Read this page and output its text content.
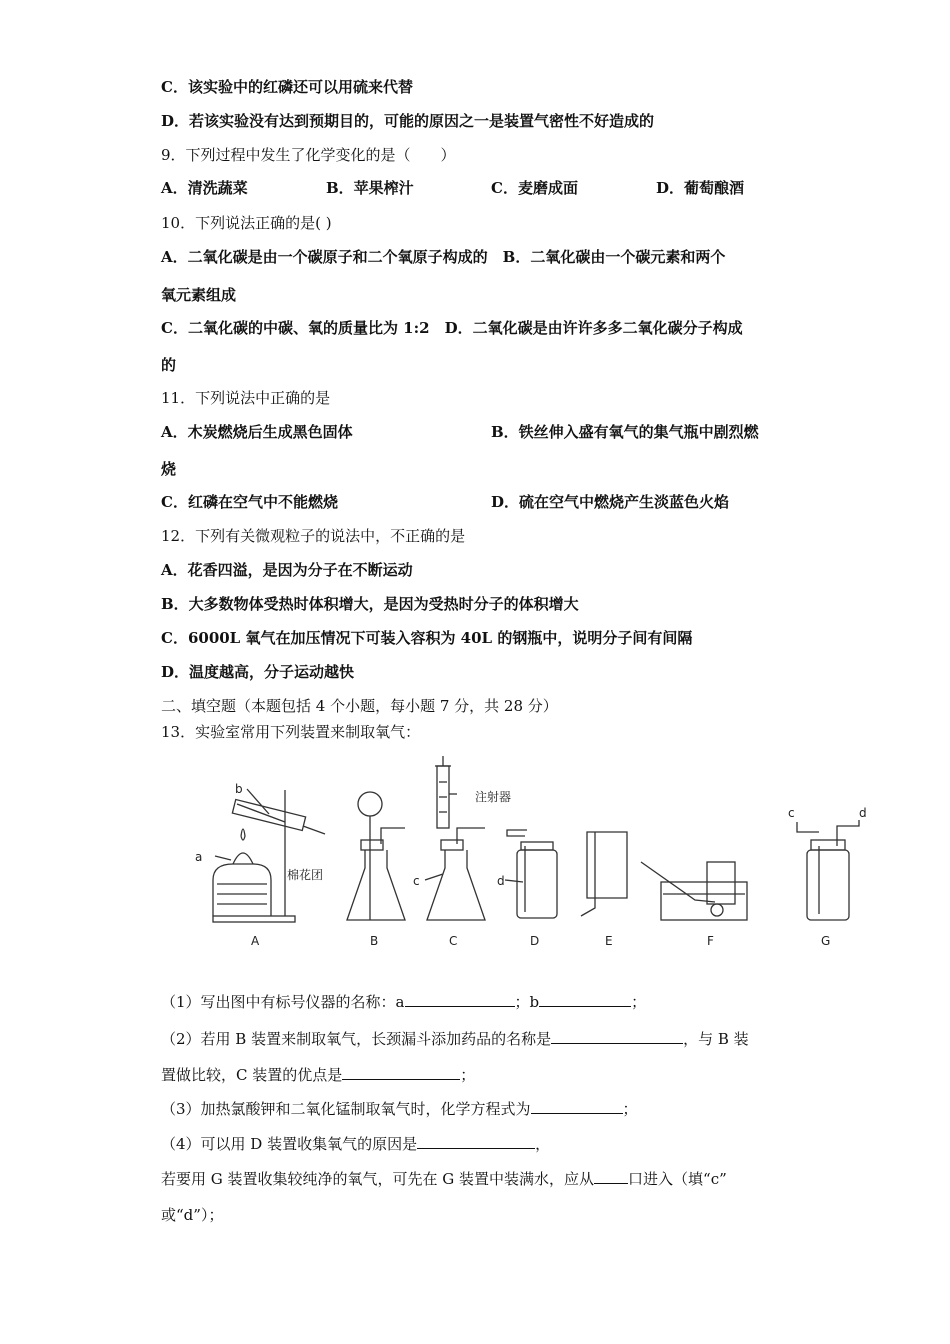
C．该实验中的红磷还可以用硫来代替
D．若该实验没有达到预期目的，可能的原因之一是装置气密性不好造成的
9．下列过程中发生了化学变化的是（　　）
A．清洗蔬菜	B．苹果榨汁	C．麦磨成面	D．葡萄酿酒
10．下列说法正确的是( )
A．二氧化碳是由一个碳原子和二个氧原子构成的　B．二氧化碳由一个碳元素和两个
氧元素组成
C．二氧化碳的中碳、氧的质量比为 1:2　D．二氧化碳是由许许多多二氧化碳分子构成
的
11．下列说法中正确的是
A．木炭燃烧后生成黑色固体	B．铁丝伸入盛有氧气的集气瓶中剧烈燃
烧
C．红磷在空气中不能燃烧	D．硫在空气中燃烧产生淡蓝色火焰
12．下列有关微观粒子的说法中，不正确的是
A．花香四溢，是因为分子在不断运动
B．大多数物体受热时体积增大，是因为受热时分子的体积增大
C．6000L 氧气在加压情况下可装入容积为 40L 的钢瓶中，说明分子间有间隔
D．温度越高，分子运动越快
二、填空题（本题包括 4 个小题，每小题 7 分，共 28 分）
13．实验室常用下列装置来制取氧气：
b
a
棉花团
注射器
c	d
c	d
A	B	C	D	E	F	G
（1）写出图中有标号仪器的名称：a	；b	；
（2）若用 B 装置来制取氧气，长颈漏斗添加药品的名称是	，与 B 装
置做比较，C 装置的优点是	；
（3）加热氯酸钾和二氧化锰制取氧气时，化学方程式为	；
（4）可以用 D 装置收集氧气的原因是	，
若要用 G 装置收集较纯净的氧气，可先在 G 装置中装满水，应从 口进入（填“c”
或“d”）；
